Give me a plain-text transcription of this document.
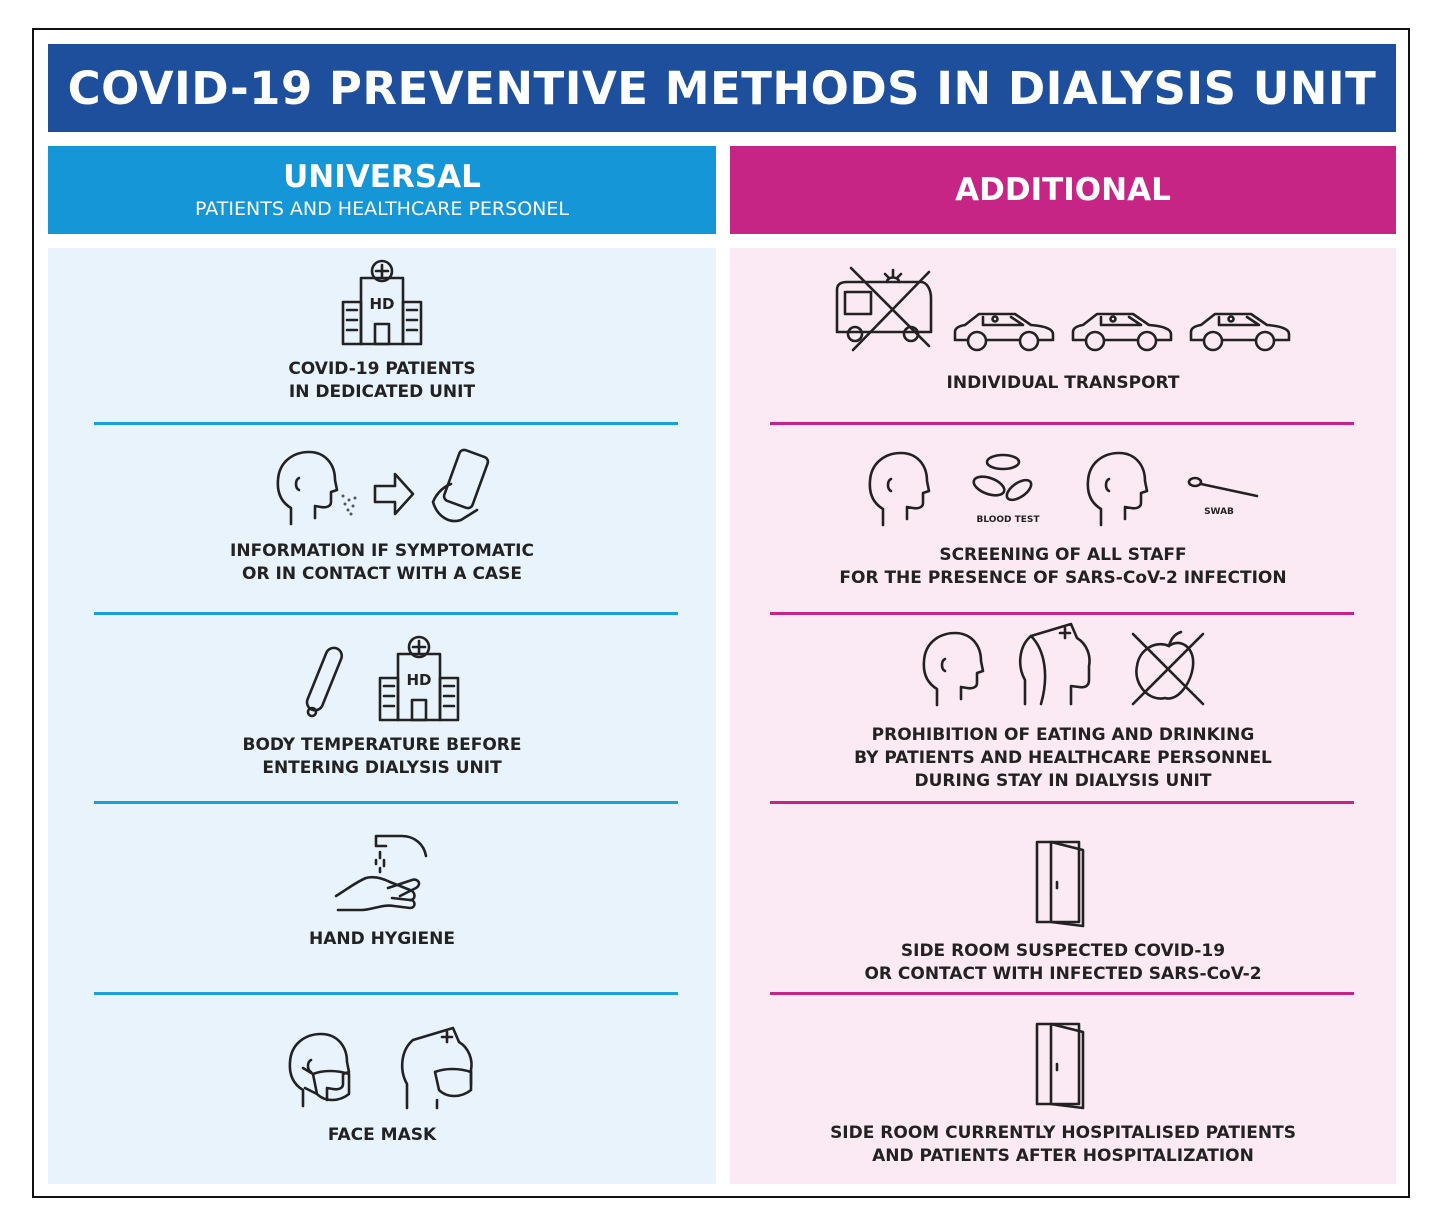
COVID-19 PREVENTIVE METHODS IN DIALYSIS UNIT
UNIVERSAL
PATIENTS AND HEALTHCARE PERSONEL
ADDITIONAL
HD
COVID-19 PATIENTS
IN DEDICATED UNIT
INFORMATION IF SYMPTOMATIC
OR IN CONTACT WITH A CASE
HD
BODY TEMPERATURE BEFORE
ENTERING DIALYSIS UNIT
HAND HYGIENE
FACE MASK
INDIVIDUAL TRANSPORT
BLOOD TEST
SWAB
SCREENING OF ALL STAFF
FOR THE PRESENCE OF SARS-CoV-2 INFECTION
PROHIBITION OF EATING AND DRINKING
BY PATIENTS AND HEALTHCARE PERSONNEL
DURING STAY IN DIALYSIS UNIT
SIDE ROOM SUSPECTED COVID-19
OR CONTACT WITH INFECTED SARS-CoV-2
SIDE ROOM CURRENTLY HOSPITALISED PATIENTS
AND PATIENTS AFTER HOSPITALIZATION
